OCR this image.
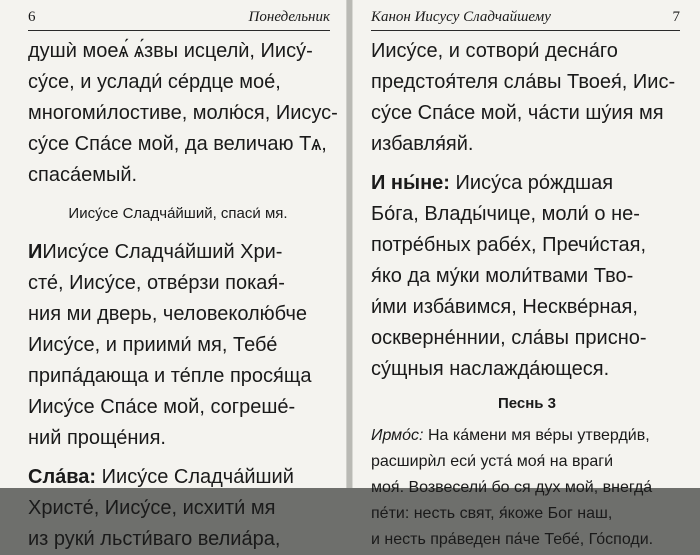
6	Понедельник
душѝ моеѧ́ ѧ́звы исцелѝ, Иису́-
су́се, и услади́ се́рдце мое́,
многоми́лостиве, молю́ся, Иисус-
су́се Спа́се мой, да величаю Тѧ,
спаса́емый.
Иису́се Сладча́йший, спаси́ мя.
И Иису́се Сладча́йший Хри-
сте́, Иису́се, отве́рзи покая́-
ния ми дверь, человеколю́бче
Иису́се, и приими́ мя, Тебе́
припа́дающа и те́пле прося́ща
Иису́се Спа́се мой, согреше́-
ний проще́ния.
Сла́ва: Иису́се Сладча́йший
Христе́, Иису́се, исхити́ мя
из руки́ льсти́ваго велиа́ра,
Канон Иисусу Сладчайшему	7
Иису́се, и сотвори́ десна́го
предстоя́теля сла́вы Твоея́, Иис-
су́се Спа́се мой, ча́сти шу́ия мя
избавля́яй.
И ны́не: Иису́са ро́ждшая
Бо́га, Влады́чице, моли́ о не-
потре́бных рабе́х, Пречи́стая,
я́ко да му́ки моли́твами Тво-
и́ми изба́вимся, Нескве́рная,
оскверне́ннии, сла́вы присно-
су́щныя наслажда́ющеся.
Песнь 3
Ирмо́с: На ка́мени мя ве́ры утверди́в,
расширѝл еси́ уста́ моя́ на враги́
моя́. Возвесели́ бо ся дух мой, внегда́
пе́ти: несть свят, я́коже Бог наш,
и несть пра́веден па́че Тебе́, Го́споди.
